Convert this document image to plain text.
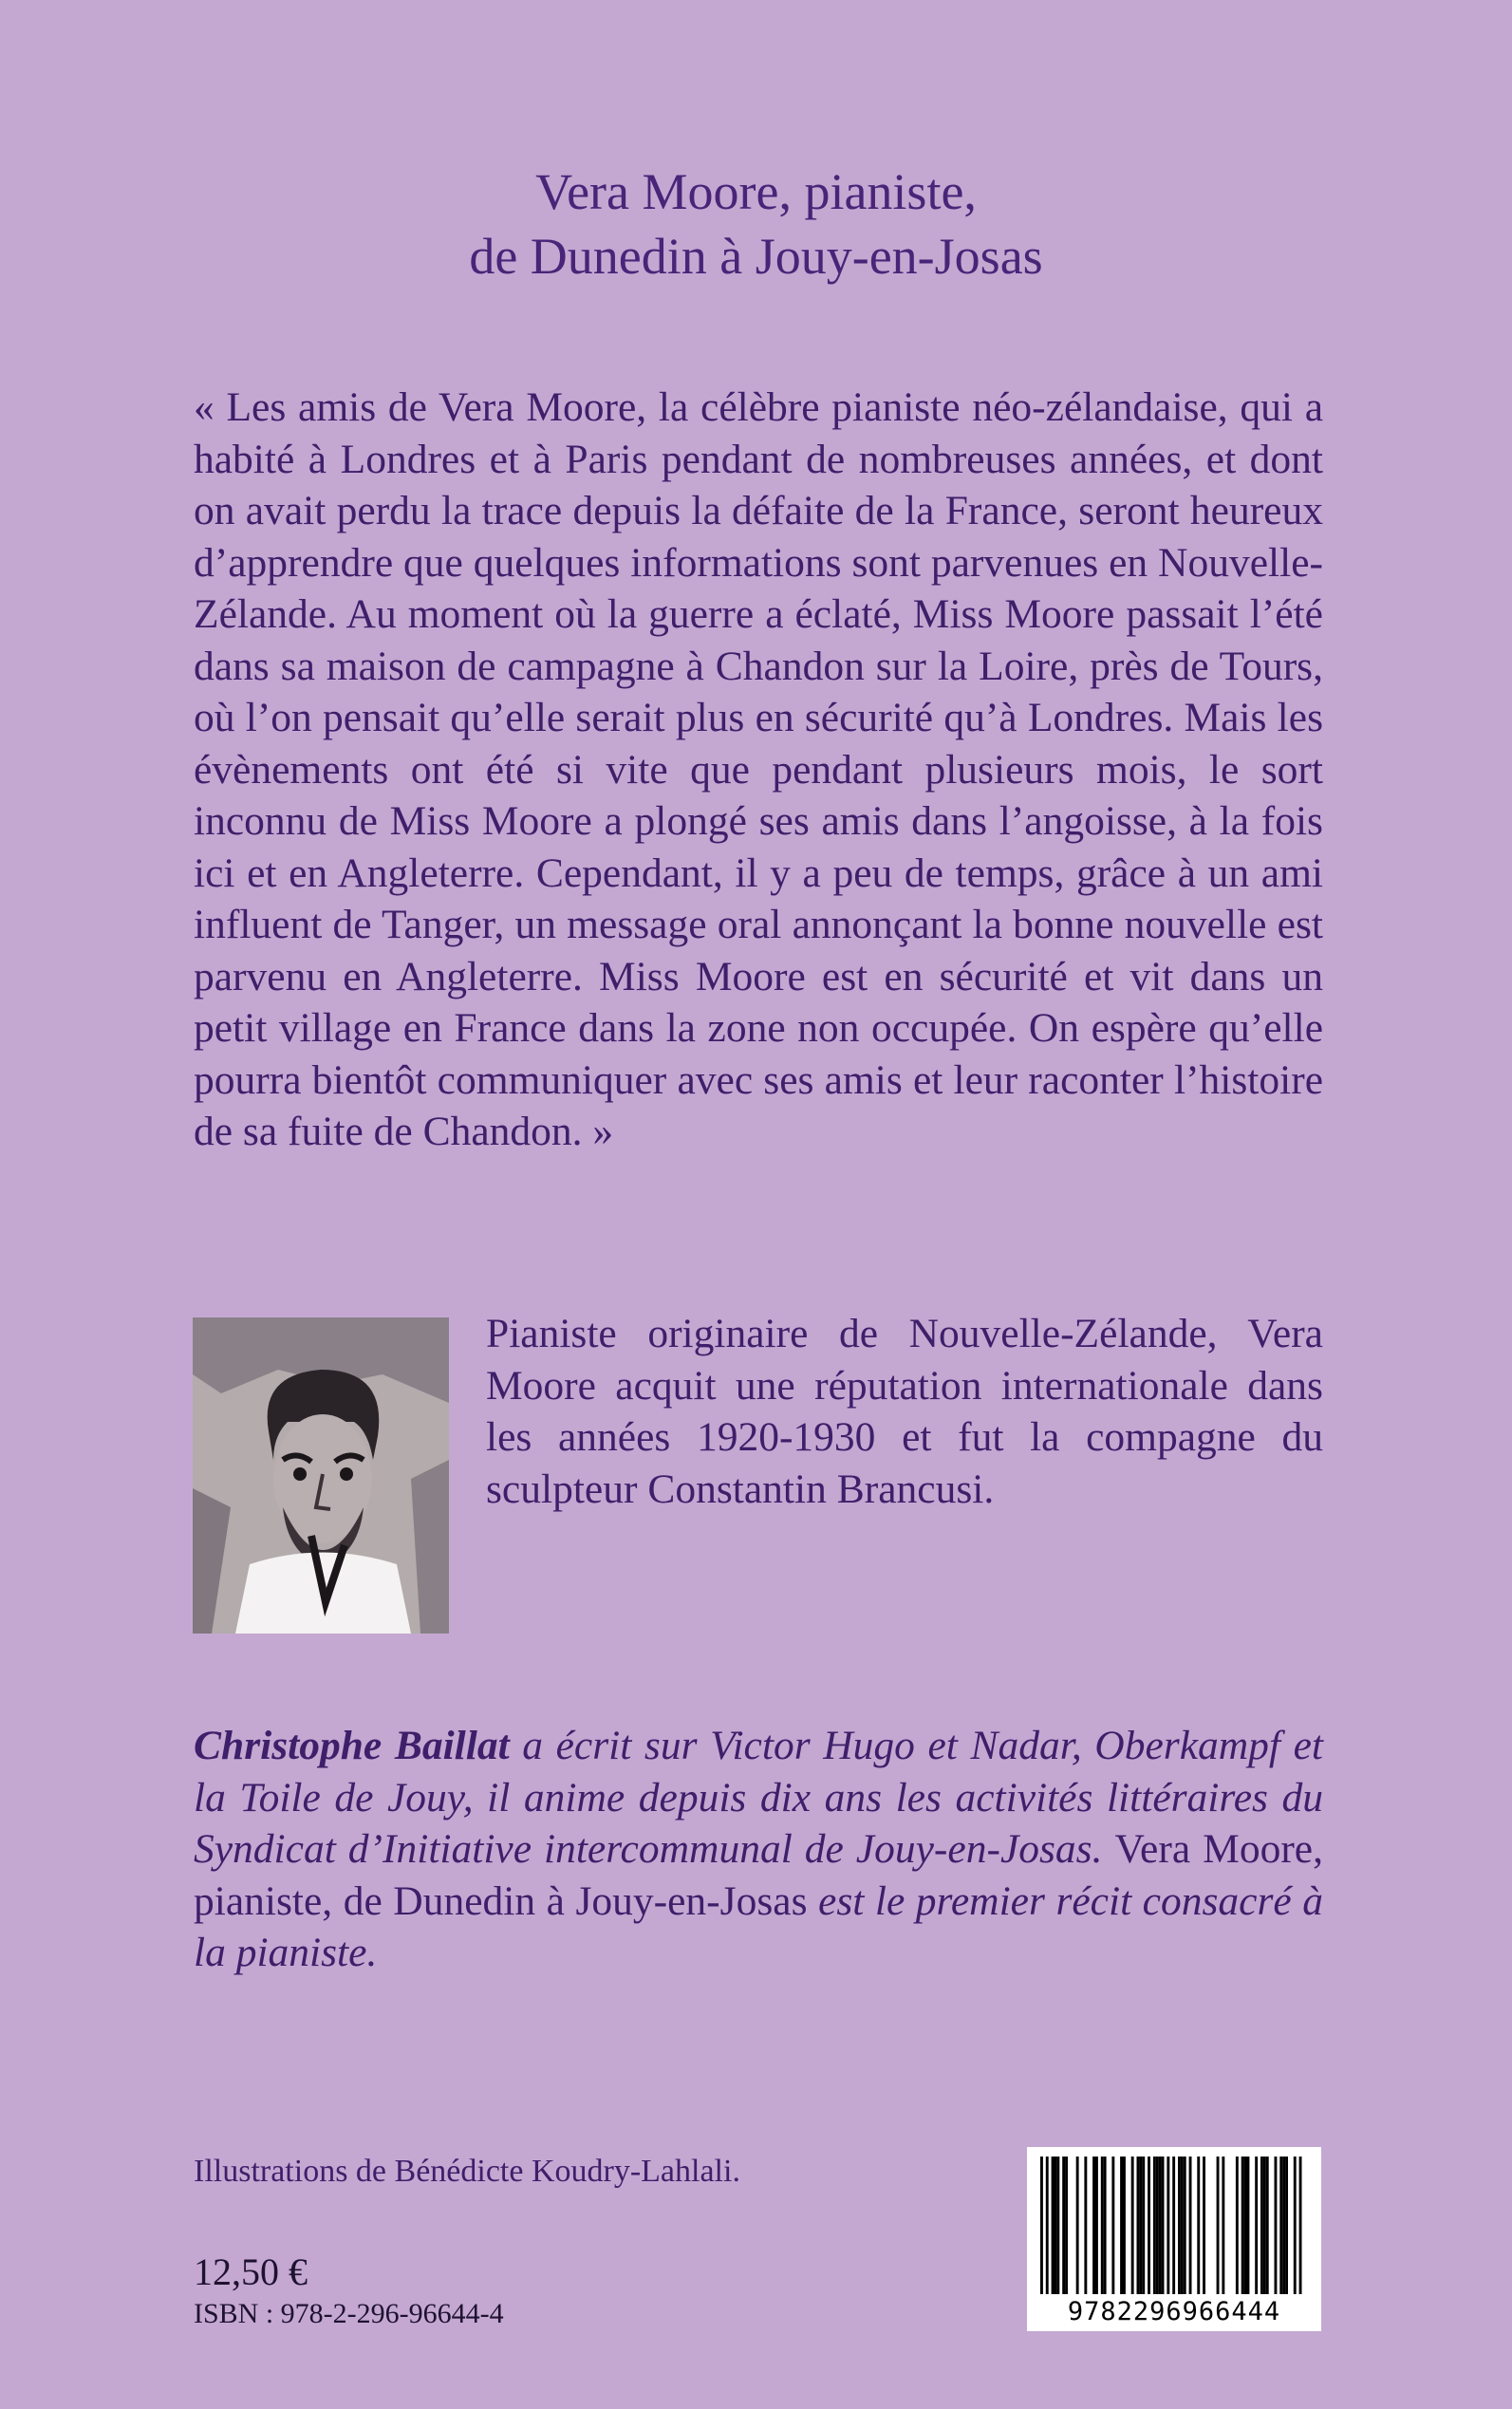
Vera Moore, pianiste,
de Dunedin à Jouy-en-Josas

« Les amis de Vera Moore, la célèbre pianiste néo-zélandaise, qui a habité à Londres et à Paris pendant de nombreuses années, et dont on avait perdu la trace depuis la défaite de la France, seront heureux d’apprendre que quelques informations sont parvenues en Nouvelle-Zélande. Au moment où la guerre a éclaté, Miss Moore passait l’été dans sa maison de campagne à Chandon sur la Loire, près de Tours, où l’on pensait qu’elle serait plus en sécurité qu’à Londres. Mais les évènements ont été si vite que pendant plusieurs mois, le sort inconnu de Miss Moore a plongé ses amis dans l’angoisse, à la fois ici et en Angleterre. Cependant, il y a peu de temps, grâce à un ami influent de Tanger, un message oral annonçant la bonne nouvelle est parvenu en Angleterre. Miss Moore est en sécurité et vit dans un petit village en France dans la zone non occupée. On espère qu’elle pourra bientôt communiquer avec ses amis et leur raconter l’histoire de sa fuite de Chandon. »

Pianiste originaire de Nouvelle-Zélande, Vera Moore acquit une réputation internationale dans les années 1920-1930 et fut la compagne du sculpteur Constantin Brancusi.

Christophe Baillat a écrit sur Victor Hugo et Nadar, Oberkampf et la Toile de Jouy, il anime depuis dix ans les activités littéraires du Syndicat d’Initiative intercommunal de Jouy-en-Josas. Vera Moore, pianiste, de Dunedin à Jouy-en-Josas est le premier récit consacré à la pianiste.

Illustrations de Bénédicte Koudry-Lahlali.
12,50 €
ISBN : 978-2-296-96644-4	9782296966444
